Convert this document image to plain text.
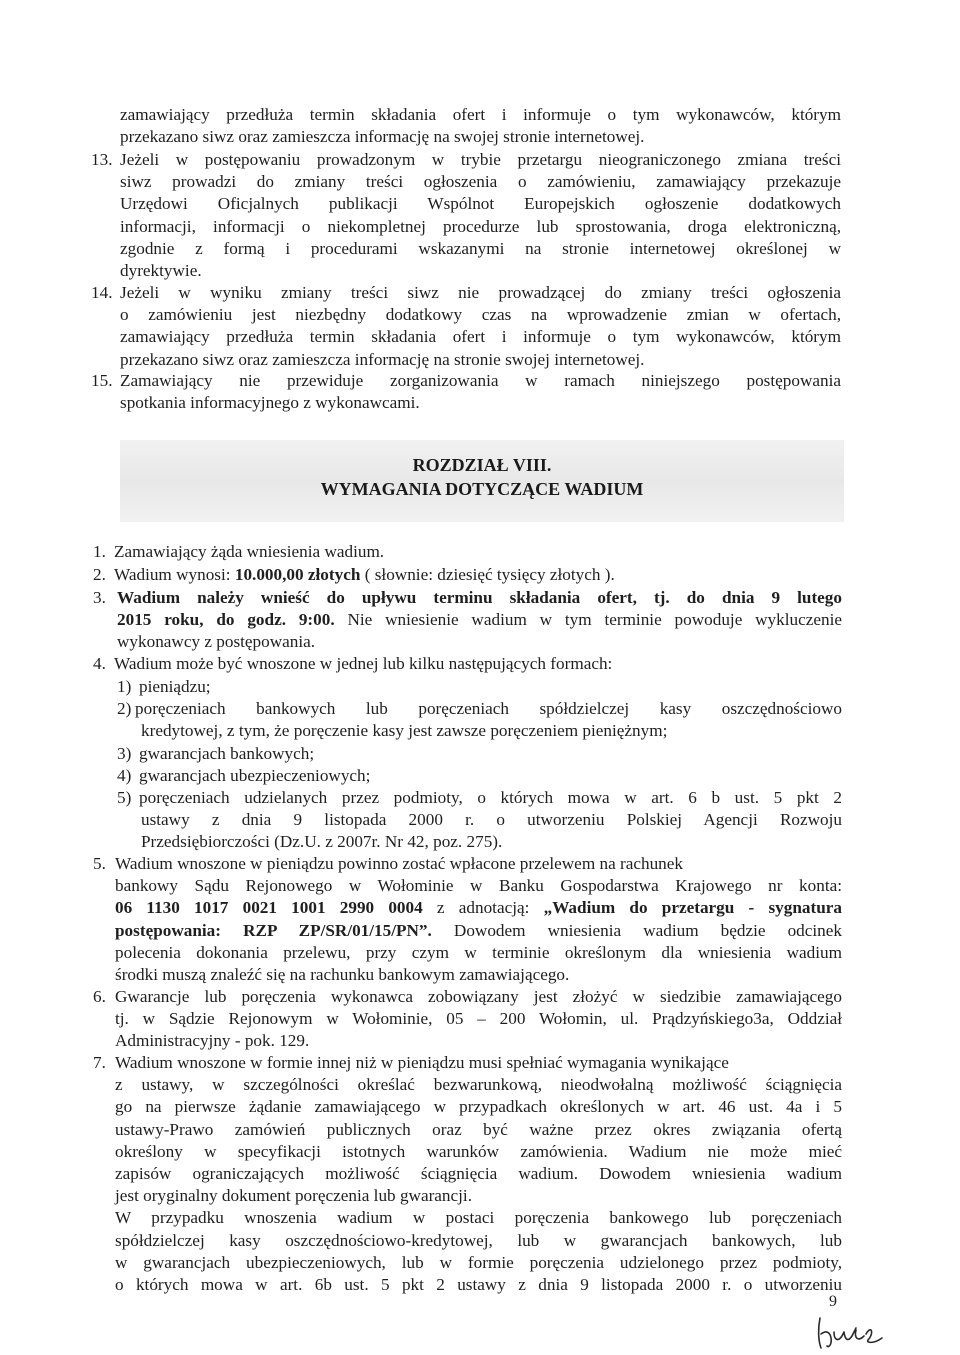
zamawiający przedłuża termin składania ofert i informuje o tym wykonawców, którym
przekazano siwz oraz zamieszcza informację na swojej stronie internetowej.
13. Jeżeli w postępowaniu prowadzonym w trybie przetargu nieograniczonego zmiana treści
siwz prowadzi do zmiany treści ogłoszenia o zamówieniu, zamawiający przekazuje
Urzędowi Oficjalnych publikacji Wspólnot Europejskich ogłoszenie dodatkowych
informacji, informacji o niekompletnej procedurze lub sprostowania, droga elektroniczną,
zgodnie z formą i procedurami wskazanymi na stronie internetowej określonej w
dyrektywie.
14. Jeżeli w wyniku zmiany treści siwz nie prowadzącej do zmiany treści ogłoszenia
o zamówieniu jest niezbędny dodatkowy czas na wprowadzenie zmian w ofertach,
zamawiający przedłuża termin składania ofert i informuje o tym wykonawców, którym
przekazano siwz oraz zamieszcza informację na stronie swojej internetowej.
15. Zamawiający nie przewiduje zorganizowania w ramach niniejszego postępowania
spotkania informacyjnego z wykonawcami.
ROZDZIAŁ VIII.
WYMAGANIA DOTYCZĄCE WADIUM
1. Zamawiający żąda wniesienia wadium.
2. Wadium wynosi: 10.000,00 złotych ( słownie: dziesięć tysięcy złotych ).
3. Wadium należy wnieść do upływu terminu składania ofert, tj. do dnia 9 lutego
2015 roku, do godz. 9:00. Nie wniesienie wadium w tym terminie powoduje wykluczenie
wykonawcy z postępowania.
4. Wadium może być wnoszone w jednej lub kilku następujących formach:
1) pieniądzu;
2) poręczeniach bankowych lub poręczeniach spółdzielczej kasy oszczędnościowo
kredytowej, z tym, że poręczenie kasy jest zawsze poręczeniem pieniężnym;
3) gwarancjach bankowych;
4) gwarancjach ubezpieczeniowych;
5) poręczeniach udzielanych przez podmioty, o których mowa w art. 6 b ust. 5 pkt 2
ustawy z dnia 9 listopada 2000 r. o utworzeniu Polskiej Agencji Rozwoju
Przedsiębiorczości (Dz.U. z 2007r. Nr 42, poz. 275).
5. Wadium wnoszone w pieniądzu powinno zostać wpłacone przelewem na rachunek
bankowy Sądu Rejonowego w Wołominie w Banku Gospodarstwa Krajowego nr konta:
06 1130 1017 0021 1001 2990 0004 z adnotacją: „Wadium do przetargu - sygnatura
postępowania: RZP ZP/SR/01/15/PN”. Dowodem wniesienia wadium będzie odcinek
polecenia dokonania przelewu, przy czym w terminie określonym dla wniesienia wadium
środki muszą znaleźć się na rachunku bankowym zamawiającego.
6. Gwarancje lub poręczenia wykonawca zobowiązany jest złożyć w siedzibie zamawiającego
tj. w Sądzie Rejonowym w Wołominie, 05 – 200 Wołomin, ul. Prądzyńskiego3a, Oddział
Administracyjny - pok. 129.
7. Wadium wnoszone w formie innej niż w pieniądzu musi spełniać wymagania wynikające
z ustawy, w szczególności określać bezwarunkową, nieodwołalną możliwość ściągnięcia
go na pierwsze żądanie zamawiającego w przypadkach określonych w art. 46 ust. 4a i 5
ustawy-Prawo zamówień publicznych oraz być ważne przez okres związania ofertą
określony w specyfikacji istotnych warunków zamówienia. Wadium nie może mieć
zapisów ograniczających możliwość ściągnięcia wadium. Dowodem wniesienia wadium
jest oryginalny dokument poręczenia lub gwarancji.
W przypadku wnoszenia wadium w postaci poręczenia bankowego lub poręczeniach
spółdzielczej kasy oszczędnościowo-kredytowej, lub w gwarancjach bankowych, lub
w gwarancjach ubezpieczeniowych, lub w formie poręczenia udzielonego przez podmioty,
o których mowa w art. 6b ust. 5 pkt 2 ustawy z dnia 9 listopada 2000 r. o utworzeniu
9
